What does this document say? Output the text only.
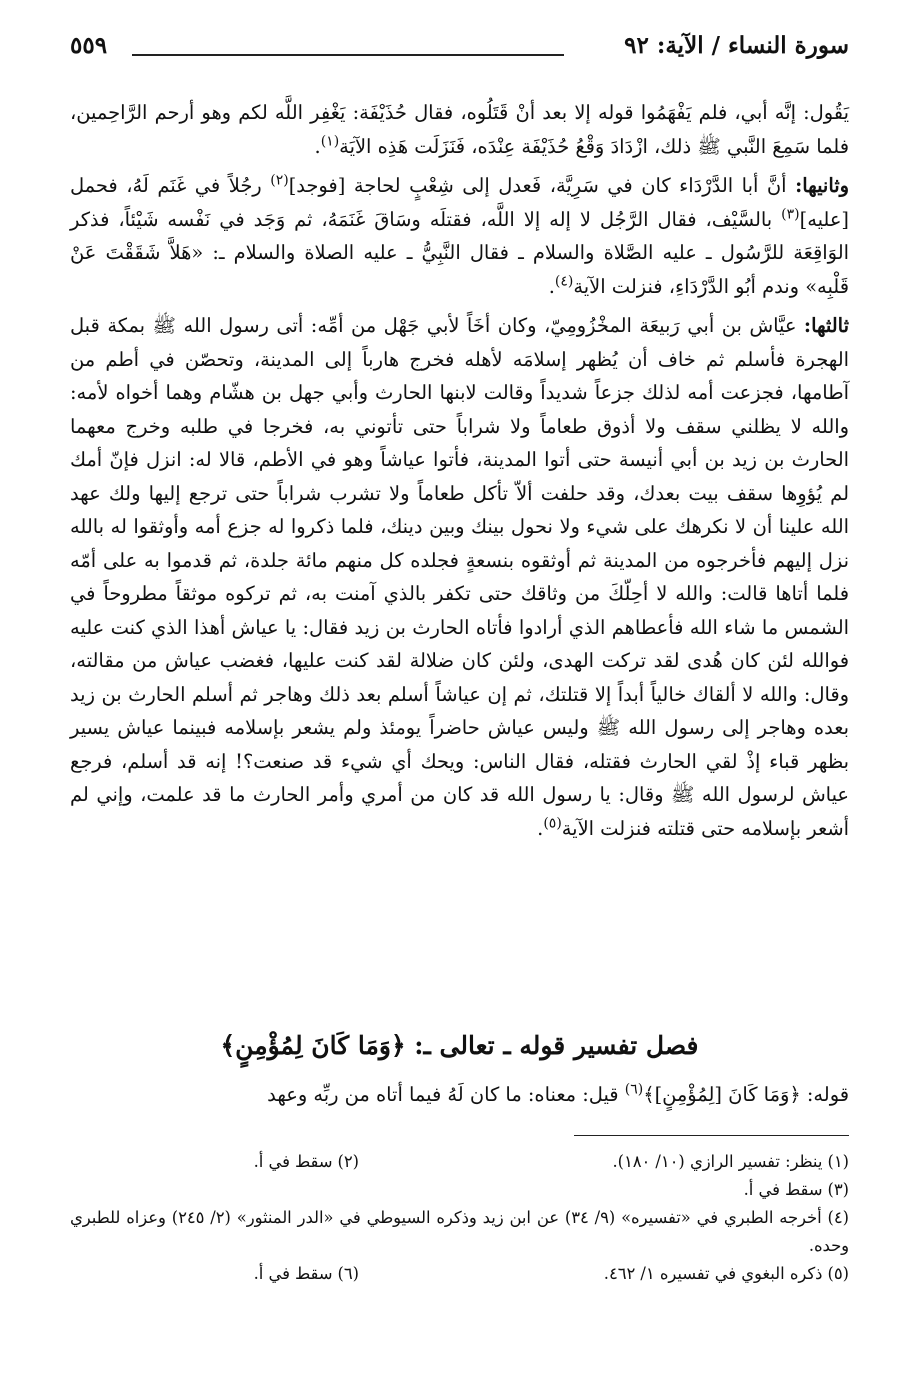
سورة النساء / الآية: ٩٢
٥٥٩

يَقُول: إنَّه أبي، فلم يَفْهَمُوا قوله إلا بعد أنْ قَتَلُوه، فقال حُذَيْفَة: يَغْفِر اللَّه لكم وهو أرحم الرَّاحِمين، فلما سَمِعَ النَّبي ﷺ ذلك، ازْدَادَ وَقْعُ حُذَيْفَة عِنْدَه، فَنَزَلَت هَذِه الآيَة$^{(١)}$.

وثانيها: أنَّ أبا الدَّرْدَاء كان في سَرِيَّة، فَعدل إلى شِعْبٍ لحاجة [فوجد]$^{(٢)}$ رجُلاً في غَنَم لَهُ، فحمل [عليه]$^{(٣)}$ بالسَّيْف، فقال الرَّجُل لا إله إلا اللَّه، فقتلَه وسَاقَ غَنَمَهُ، ثم وَجَد في نَفْسه شَيْئاً، فذكر الوَاقِعَة للرَّسُول ـ عليه الصَّلاة والسلام ـ فقال النَّبِيُّ ـ عليه الصلاة والسلام ـ: «هَلاَّ شَقَقْتَ عَنْ قَلْبِه» وندم أبُو الدَّرْدَاءِ، فنزلت الآية$^{(٤)}$.

ثالثها: عيَّاش بن أبي رَبيعَة المخْزُومِيّ، وكان أخَاً لأبي جَهْل من أمِّه: أتى رسول الله ﷺ بمكة قبل الهجرة فأسلم ثم خاف أن يُظهر إسلامَه لأهله فخرج هارباً إلى المدينة، وتحصّن في أطم من آطامها، فجزعت أمه لذلك جزعاً شديداً وقالت لابنها الحارث وأبي جهل بن هشّام وهما أخواه لأمه: والله لا يظلني سقف ولا أذوق طعاماً ولا شراباً حتى تأتوني به، فخرجا في طلبه وخرج معهما الحارث بن زيد بن أبي أنيسة حتى أتوا المدينة، فأتوا عياشاً وهو في الأطم، قالا له: انزل فإنّ أمك لم يُؤوِها سقف بيت بعدك، وقد حلفت ألاّ تأكل طعاماً ولا تشرب شراباً حتى ترجع إليها ولك عهد الله علينا أن لا نكرهك على شيء ولا نحول بينك وبين دينك، فلما ذكروا له جزع أمه وأوثقوا له بالله نزل إليهم فأخرجوه من المدينة ثم أوثقوه بنسعةٍ فجلده كل منهم مائة جلدة، ثم قدموا به على أمّه فلما أتاها قالت: والله لا أحِلّكَ من وثاقك حتى تكفر بالذي آمنت به، ثم تركوه موثقاً مطروحاً في الشمس ما شاء الله فأعطاهم الذي أرادوا فأتاه الحارث بن زيد فقال: يا عياش أهذا الذي كنت عليه فوالله لئن كان هُدى لقد تركت الهدى، ولئن كان ضلالة لقد كنت عليها، فغضب عياش من مقالته، وقال: والله لا ألقاك خالياً أبداً إلا قتلتك، ثم إن عياشاً أسلم بعد ذلك وهاجر ثم أسلم الحارث بن زيد بعده وهاجر إلى رسول الله ﷺ وليس عياش حاضراً يومئذ ولم يشعر بإسلامه فبينما عياش يسير بظهر قباء إذْ لقي الحارث فقتله، فقال الناس: ويحك أي شيء قد صنعت؟! إنه قد أسلم، فرجع عياش لرسول الله ﷺ وقال: يا رسول الله قد كان من أمري وأمر الحارث ما قد علمت، وإني لم أشعر بإسلامه حتى قتلته فنزلت الآية$^{(٥)}$.

فصل تفسير قوله ـ تعالى ـ: ﴿وَمَا كَانَ لِمُؤْمِنٍ﴾
قوله: ﴿وَمَا كَانَ [لِمُؤْمِنٍ]﴾$^{(٦)}$ قيل: معناه: ما كان لَهُ فيما أتاه من ربِّه وعهد
(١) ينظر: تفسير الرازي (١٠/ ١٨٠).
(٢) سقط في أ.
(٣) سقط في أ.
(٤) أخرجه الطبري في «تفسيره» (٩/ ٣٤) عن ابن زيد وذكره السيوطي في «الدر المنثور» (٢/ ٢٤٥) وعزاه للطبري وحده.
(٥) ذكره البغوي في تفسيره ١/ ٤٦٢.
(٦) سقط في أ.
